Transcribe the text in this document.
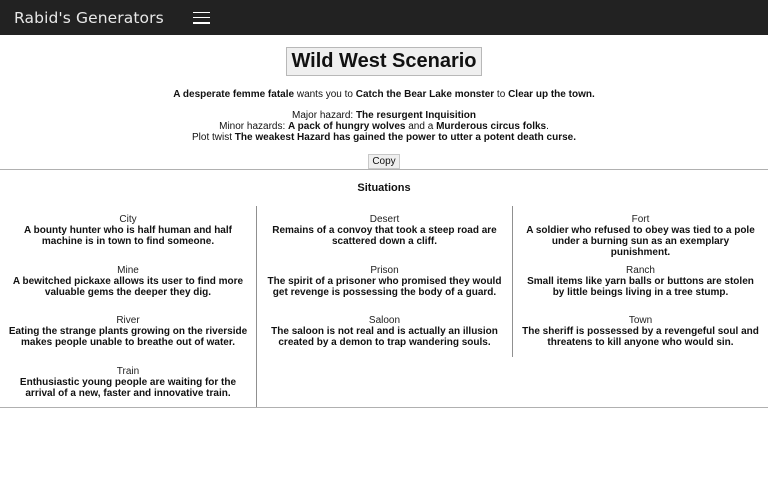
Rabid's Generators
Wild West Scenario
A desperate femme fatale wants you to Catch the Bear Lake monster to Clear up the town.
Major hazard: The resurgent Inquisition
Minor hazards: A pack of hungry wolves and a Murderous circus folks.
Plot twist The weakest Hazard has gained the power to utter a potent death curse.
Copy
Situations
City
A bounty hunter who is half human and half machine is in town to find someone.
Mine
A bewitched pickaxe allows its user to find more valuable gems the deeper they dig.
River
Eating the strange plants growing on the riverside makes people unable to breathe out of water.
Train
Enthusiastic young people are waiting for the arrival of a new, faster and innovative train.
Desert
Remains of a convoy that took a steep road are scattered down a cliff.
Prison
The spirit of a prisoner who promised they would get revenge is possessing the body of a guard.
Saloon
The saloon is not real and is actually an illusion created by a demon to trap wandering souls.
Fort
A soldier who refused to obey was tied to a pole under a burning sun as an exemplary punishment.
Ranch
Small items like yarn balls or buttons are stolen by little beings living in a tree stump.
Town
The sheriff is possessed by a revengeful soul and threatens to kill anyone who would sin.
